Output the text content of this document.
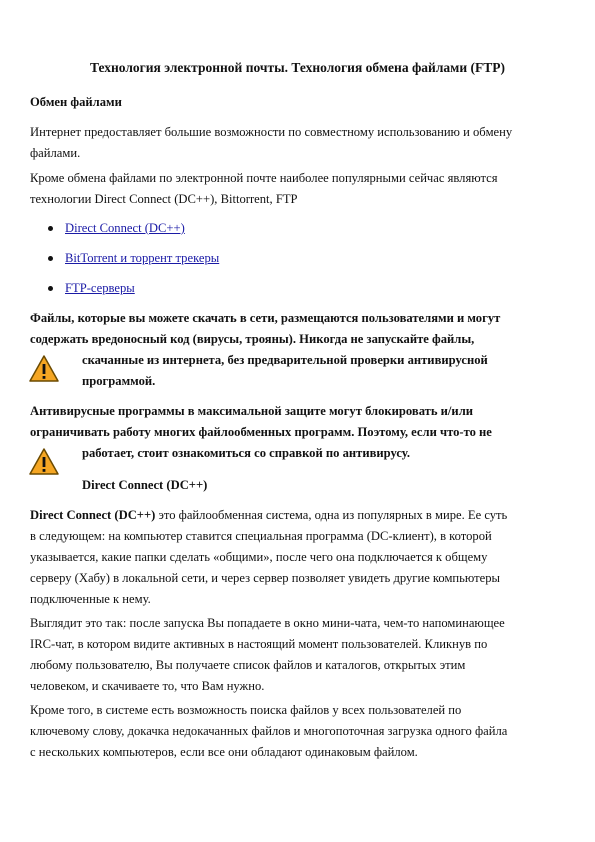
Технология электронной почты. Технология обмена файлами (FTP)
Обмен файлами
Интернет предоставляет большие возможности по совместному использованию и обмену
файлами.
Кроме обмена файлами по электронной почте наиболее популярными сейчас являются
технологии Direct Connect (DC++), Bittorrent, FTP
Direct Connect (DC++)
BitTorrent и торрент трекеры
FTP-серверы
Файлы, которые вы можете скачать в сети, размещаются пользователями и могут
содержать вредоносный код (вирусы, трояны). Никогда не запускайте файлы,
скачанные из интернета, без предварительной проверки антивирусной
программой.
Антивирусные программы в максимальной защите могут блокировать и/или
ограничивать работу многих файлообменных программ. Поэтому, если что-то не
работает, стоит ознакомиться со справкой по антивирусу.
Direct Connect (DC++)
Direct Connect (DC++) это файлообменная система, одна из популярных в мире. Ее суть
в следующем: на компьютер ставится специальная программа (DC-клиент), в которой
указывается, какие папки сделать «общими», после чего она подключается к общему
серверу (Хабу) в локальной сети, и через сервер позволяет увидеть другие компьютеры
подключенные к нему.
Выглядит это так: после запуска Вы попадаете в окно мини-чата, чем-то напоминающее
IRC-чат, в котором видите активных в настоящий момент пользователей. Кликнув по
любому пользователю, Вы получаете список файлов и каталогов, открытых этим
человеком, и скачиваете то, что Вам нужно.
Кроме того, в системе есть возможность поиска файлов у всех пользователей по
ключевому слову, докачка недокачанных файлов и многопоточная загрузка одного файла
с нескольких компьютеров, если все они обладают одинаковым файлом.
